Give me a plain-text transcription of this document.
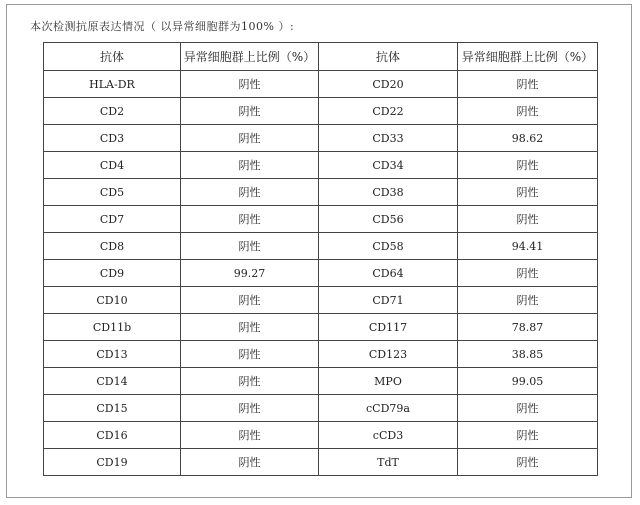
本次检测抗原表达情况（ 以异常细胞群为100% ）:
抗体	异常细胞群上比例（%）	抗体	异常细胞群上比例（%）
HLA-DR	阴性	CD20	阴性
CD2	阴性	CD22	阴性
CD3	阴性	CD33	98.62
CD4	阴性	CD34	阴性
CD5	阴性	CD38	阴性
CD7	阴性	CD56	阴性
CD8	阴性	CD58	94.41
CD9	99.27	CD64	阴性
CD10	阴性	CD71	阴性
CD11b	阴性	CD117	78.87
CD13	阴性	CD123	38.85
CD14	阴性	MPO	99.05
CD15	阴性	cCD79a	阴性
CD16	阴性	cCD3	阴性
CD19	阴性	TdT	阴性
